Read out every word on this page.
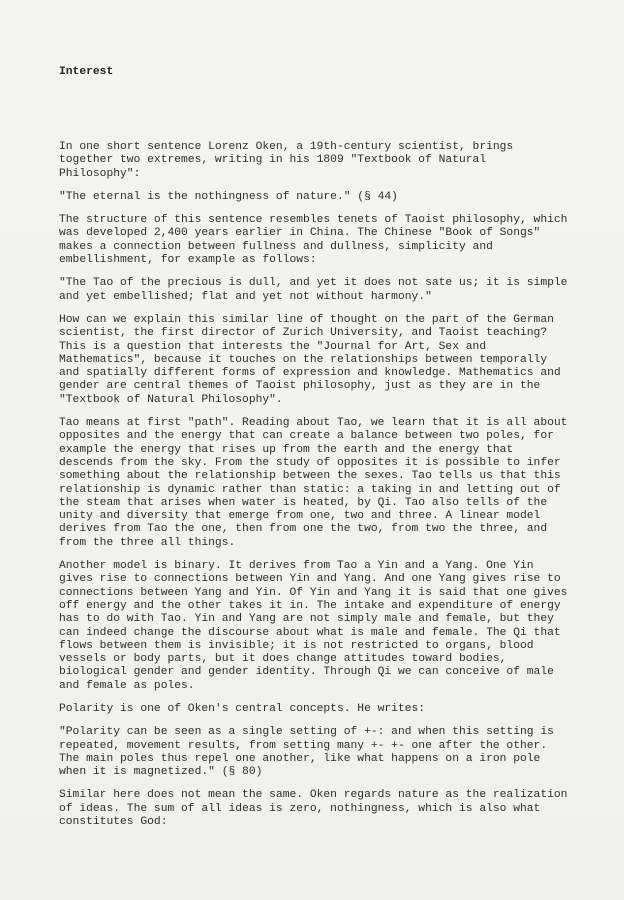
Interest

In one short sentence Lorenz Oken, a 19th-century scientist, brings
together two extremes, writing in his 1809 "Textbook of Natural
Philosophy":

"The eternal is the nothingness of nature." (§ 44)

The structure of this sentence resembles tenets of Taoist philosophy, which
was developed 2,400 years earlier in China. The Chinese "Book of Songs"
makes a connection between fullness and dullness, simplicity and
embellishment, for example as follows:

"The Tao of the precious is dull, and yet it does not sate us; it is simple
and yet embellished; flat and yet not without harmony."

How can we explain this similar line of thought on the part of the German
scientist, the first director of Zurich University, and Taoist teaching?
This is a question that interests the "Journal for Art, Sex and
Mathematics", because it touches on the relationships between temporally
and spatially different forms of expression and knowledge. Mathematics and
gender are central themes of Taoist philosophy, just as they are in the
"Textbook of Natural Philosophy".

Tao means at first "path". Reading about Tao, we learn that it is all about
opposites and the energy that can create a balance between two poles, for
example the energy that rises up from the earth and the energy that
descends from the sky. From the study of opposites it is possible to infer
something about the relationship between the sexes. Tao tells us that this
relationship is dynamic rather than static: a taking in and letting out of
the steam that arises when water is heated, by Qi. Tao also tells of the
unity and diversity that emerge from one, two and three. A linear model
derives from Tao the one, then from one the two, from two the three, and
from the three all things.

Another model is binary. It derives from Tao a Yin and a Yang. One Yin
gives rise to connections between Yin and Yang. And one Yang gives rise to
connections between Yang and Yin. Of Yin and Yang it is said that one gives
off energy and the other takes it in. The intake and expenditure of energy
has to do with Tao. Yin and Yang are not simply male and female, but they
can indeed change the discourse about what is male and female. The Qi that
flows between them is invisible; it is not restricted to organs, blood
vessels or body parts, but it does change attitudes toward bodies,
biological gender and gender identity. Through Qi we can conceive of male
and female as poles.

Polarity is one of Oken's central concepts. He writes:

"Polarity can be seen as a single setting of +-: and when this setting is
repeated, movement results, from setting many +- +- one after the other.
The main poles thus repel one another, like what happens on a iron pole
when it is magnetized." (§ 80)

Similar here does not mean the same. Oken regards nature as the realization
of ideas. The sum of all ideas is zero, nothingness, which is also what
constitutes God:
